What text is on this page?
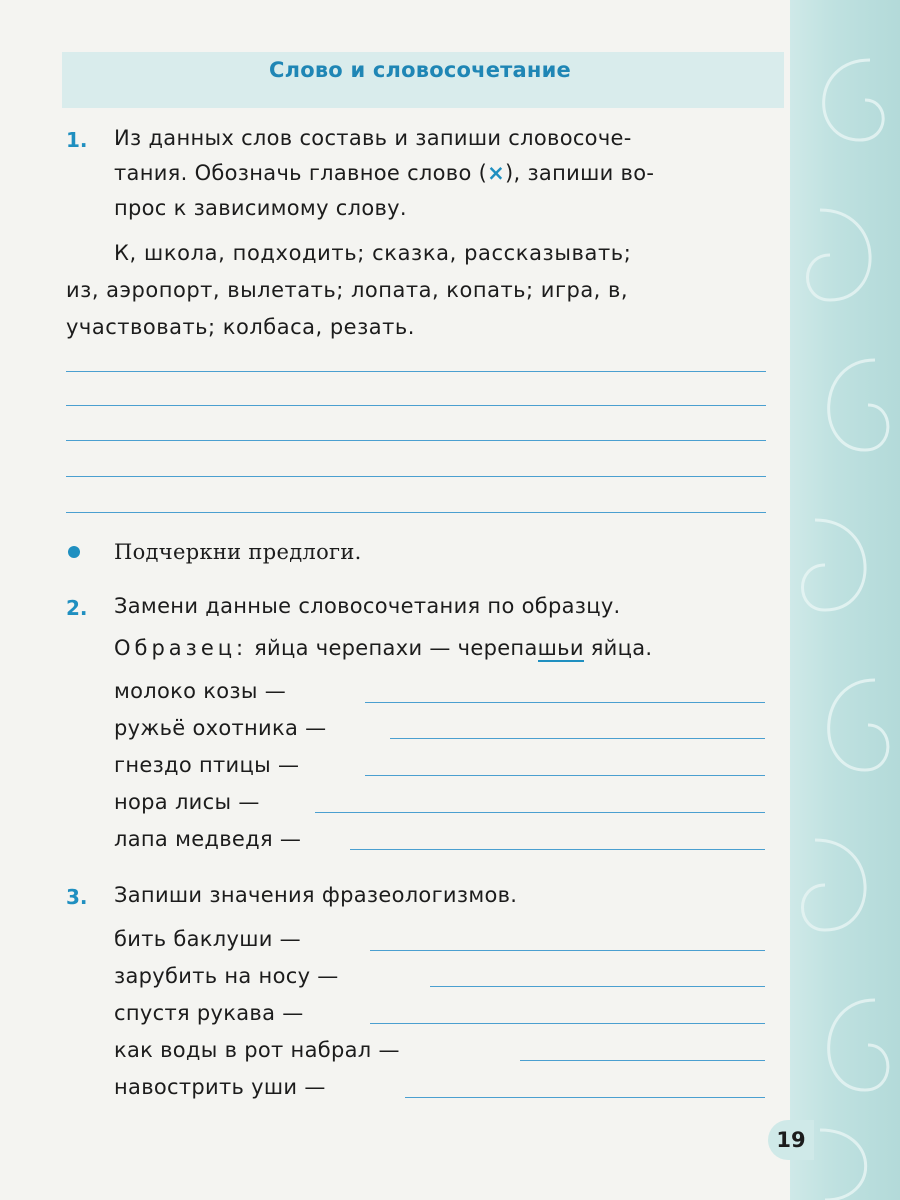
Слово и словосочетание
1. Из данных слов составь и запиши словосоче-
тания. Обозначь главное слово (×), запиши во-
прос к зависимому слову.
К, школа, подходить; сказка, рассказывать;
из, аэропорт, вылетать; лопата, копать; игра, в,
участвовать; колбаса, резать.
Подчеркни предлоги.
2. Замени данные словосочетания по образцу.
Образец: яйца черепахи — черепашьи яйца.
молоко козы —
ружьё охотника —
гнездо птицы —
нора лисы —
лапа медведя —
3. Запиши значения фразеологизмов.
бить баклуши —
зарубить на носу —
спустя рукава —
как воды в рот набрал —
навострить уши —
19
